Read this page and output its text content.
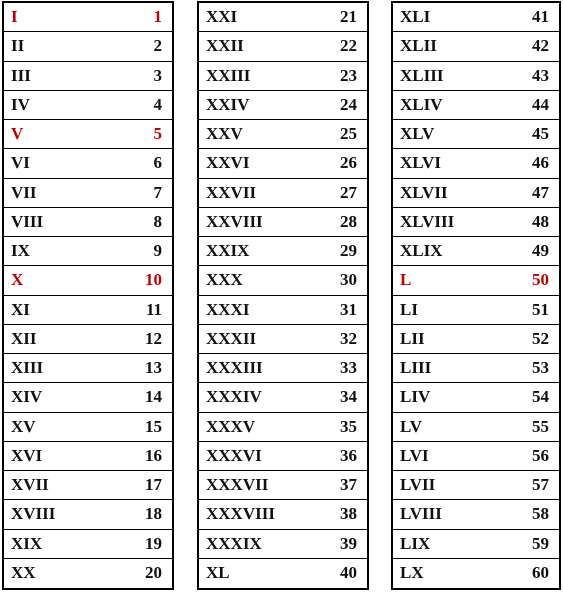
I	1
II	2
III	3
IV	4
V	5
VI	6
VII	7
VIII	8
IX	9
X	10
XI	11
XII	12
XIII	13
XIV	14
XV	15
XVI	16
XVII	17
XVIII	18
XIX	19
XX	20
XXI	21
XXII	22
XXIII	23
XXIV	24
XXV	25
XXVI	26
XXVII	27
XXVIII	28
XXIX	29
XXX	30
XXXI	31
XXXII	32
XXXIII	33
XXXIV	34
XXXV	35
XXXVI	36
XXXVII	37
XXXVIII	38
XXXIX	39
XL	40
XLI	41
XLII	42
XLIII	43
XLIV	44
XLV	45
XLVI	46
XLVII	47
XLVIII	48
XLIX	49
L	50
LI	51
LII	52
LIII	53
LIV	54
LV	55
LVI	56
LVII	57
LVIII	58
LIX	59
LX	60
